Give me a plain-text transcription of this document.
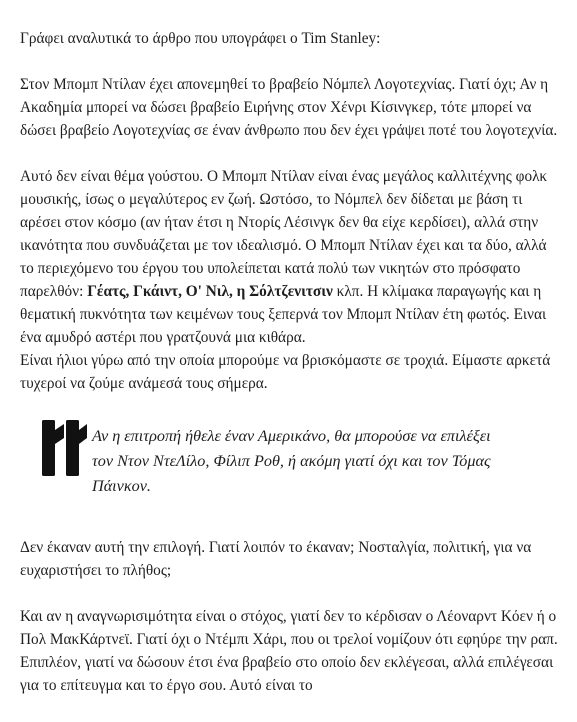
Γράφει αναλυτικά το άρθρο που υπογράφει ο Tim Stanley:

Στον Μπομπ Ντίλαν έχει απονεμηθεί το βραβείο Νόμπελ Λογοτεχνίας. Γιατί όχι; Αν η Ακαδημία μπορεί να δώσει βραβείο Ειρήνης στον Χένρι Κίσινγκερ, τότε μπορεί να δώσει βραβείο Λογοτεχνίας σε έναν άνθρωπο που δεν έχει γράψει ποτέ του λογοτεχνία.

Αυτό δεν είναι θέμα γούστου. Ο Μπομπ Ντίλαν είναι ένας μεγάλος καλλιτέχνης φολκ μουσικής, ίσως ο μεγαλύτερος εν ζωή. Ωστόσο, το Νόμπελ δεν δίδεται με βάση τι αρέσει στον κόσμο (αν ήταν έτσι η Ντορίς Λέσινγκ δεν θα είχε κερδίσει), αλλά στην ικανότητα που συνδυάζεται με τον ιδεαλισμό. Ο Μπομπ Ντίλαν έχει και τα δύο, αλλά το περιεχόμενο του έργου του υπολείπεται κατά πολύ των νικητών στο πρόσφατο παρελθόν: Γέατς, Γκάιντ, Ο' Νιλ, η Σόλτζενιτσιν κλπ. Η κλίμακα παραγωγής και η θεματική πυκνότητα των κειμένων τους ξεπερνά τον Μπομπ Ντίλαν έτη φωτός. Ειναι ένα αμυδρό αστέρι που γρατζουνά μια κιθάρα.

Είναι ήλιοι γύρω από την οποία μπορούμε να βρισκόμαστε σε τροχιά. Είμαστε αρκετά τυχεροί να ζούμε ανάμεσά τους σήμερα.

Αν η επιτροπή ήθελε έναν Αμερικάνο, θα μπορούσε να επιλέξει τον Ντον ΝτεΛίλο, Φίλιπ Ροθ, ή ακόμη γιατί όχι και τον Τόμας Πάινκον.

Δεν έκαναν αυτή την επιλογή. Γιατί λοιπόν το έκαναν; Νοσταλγία, πολιτική, για να ευχαριστήσει το πλήθος;

Και αν η αναγνωρισιμότητα είναι ο στόχος, γιατί δεν το κέρδισαν ο Λέοναρντ Κόεν ή ο Πολ ΜακΚάρτνεϊ. Γιατί όχι ο Ντέμπι Χάρι, που οι τρελοί νομίζουν ότι εφηύρε την ραπ. Επιπλέον, γιατί να δώσουν έτσι ένα βραβείο στο οποίο δεν εκλέγεσαι, αλλά επιλέγεσαι για το επίτευγμα και το έργο σου. Αυτό είναι το
